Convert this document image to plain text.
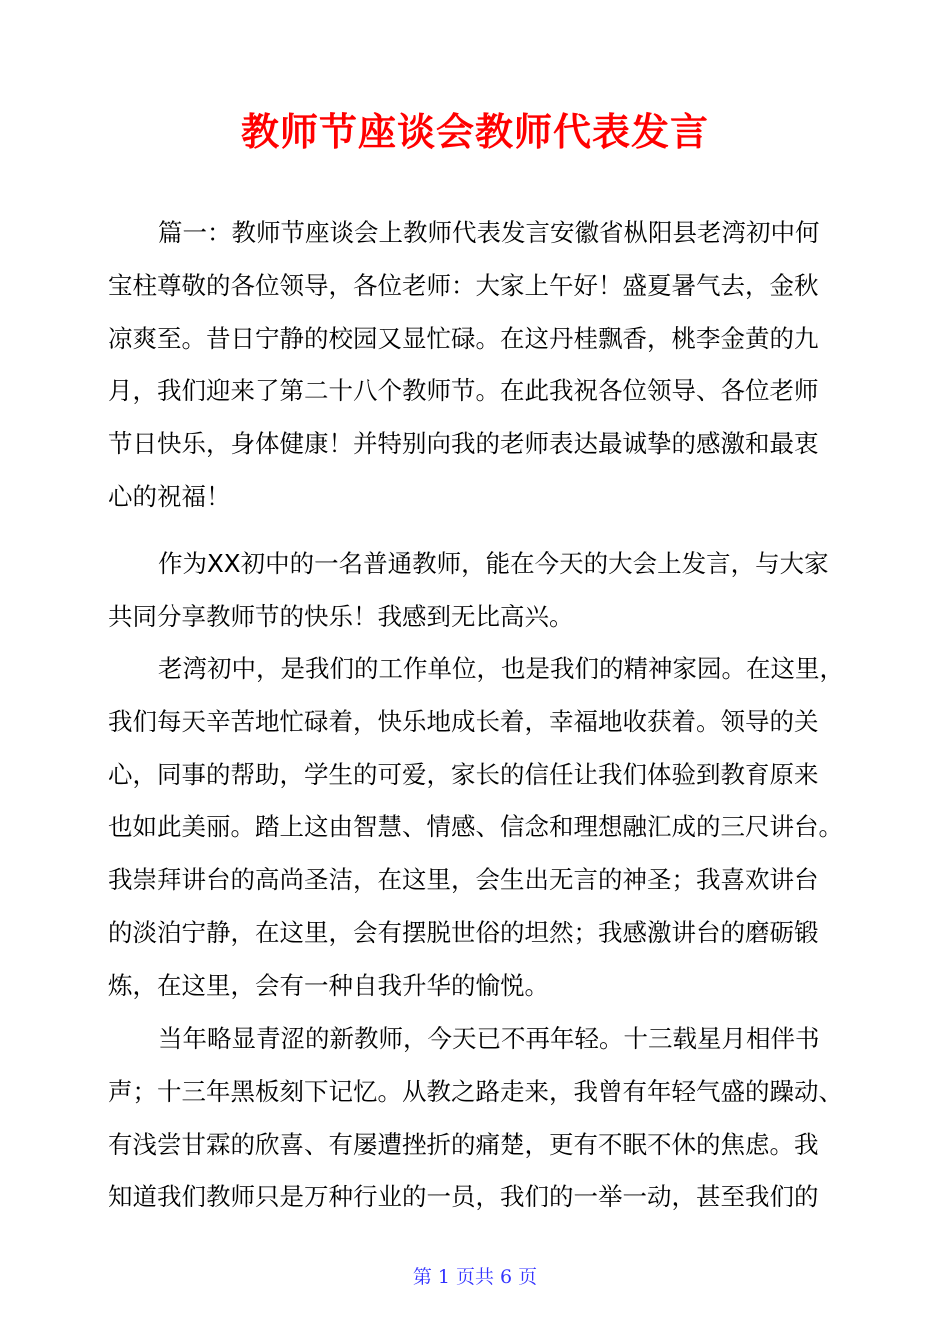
教师节座谈会教师代表发言
篇一：教师节座谈会上教师代表发言安徽省枞阳县老湾初中何
宝柱尊敬的各位领导，各位老师：大家上午好！盛夏暑气去，金秋
凉爽至。昔日宁静的校园又显忙碌。在这丹桂飘香，桃李金黄的九
月，我们迎来了第二十八个教师节。在此我祝各位领导、各位老师
节日快乐，身体健康！并特别向我的老师表达最诚挚的感激和最衷
心的祝福！
作为XX初中的一名普通教师，能在今天的大会上发言，与大家
共同分享教师节的快乐！我感到无比高兴。
老湾初中，是我们的工作单位，也是我们的精神家园。在这里，
我们每天辛苦地忙碌着，快乐地成长着，幸福地收获着。领导的关
心，同事的帮助，学生的可爱，家长的信任让我们体验到教育原来
也如此美丽。踏上这由智慧、情感、信念和理想融汇成的三尺讲台。
我崇拜讲台的高尚圣洁，在这里，会生出无言的神圣；我喜欢讲台
的淡泊宁静，在这里，会有摆脱世俗的坦然；我感激讲台的磨砺锻
炼，在这里，会有一种自我升华的愉悦。
当年略显青涩的新教师，今天已不再年轻。十三载星月相伴书
声；十三年黑板刻下记忆。从教之路走来，我曾有年轻气盛的躁动、
有浅尝甘霖的欣喜、有屡遭挫折的痛楚，更有不眠不休的焦虑。我
知道我们教师只是万种行业的一员，我们的一举一动，甚至我们的
第 1 页共 6 页
